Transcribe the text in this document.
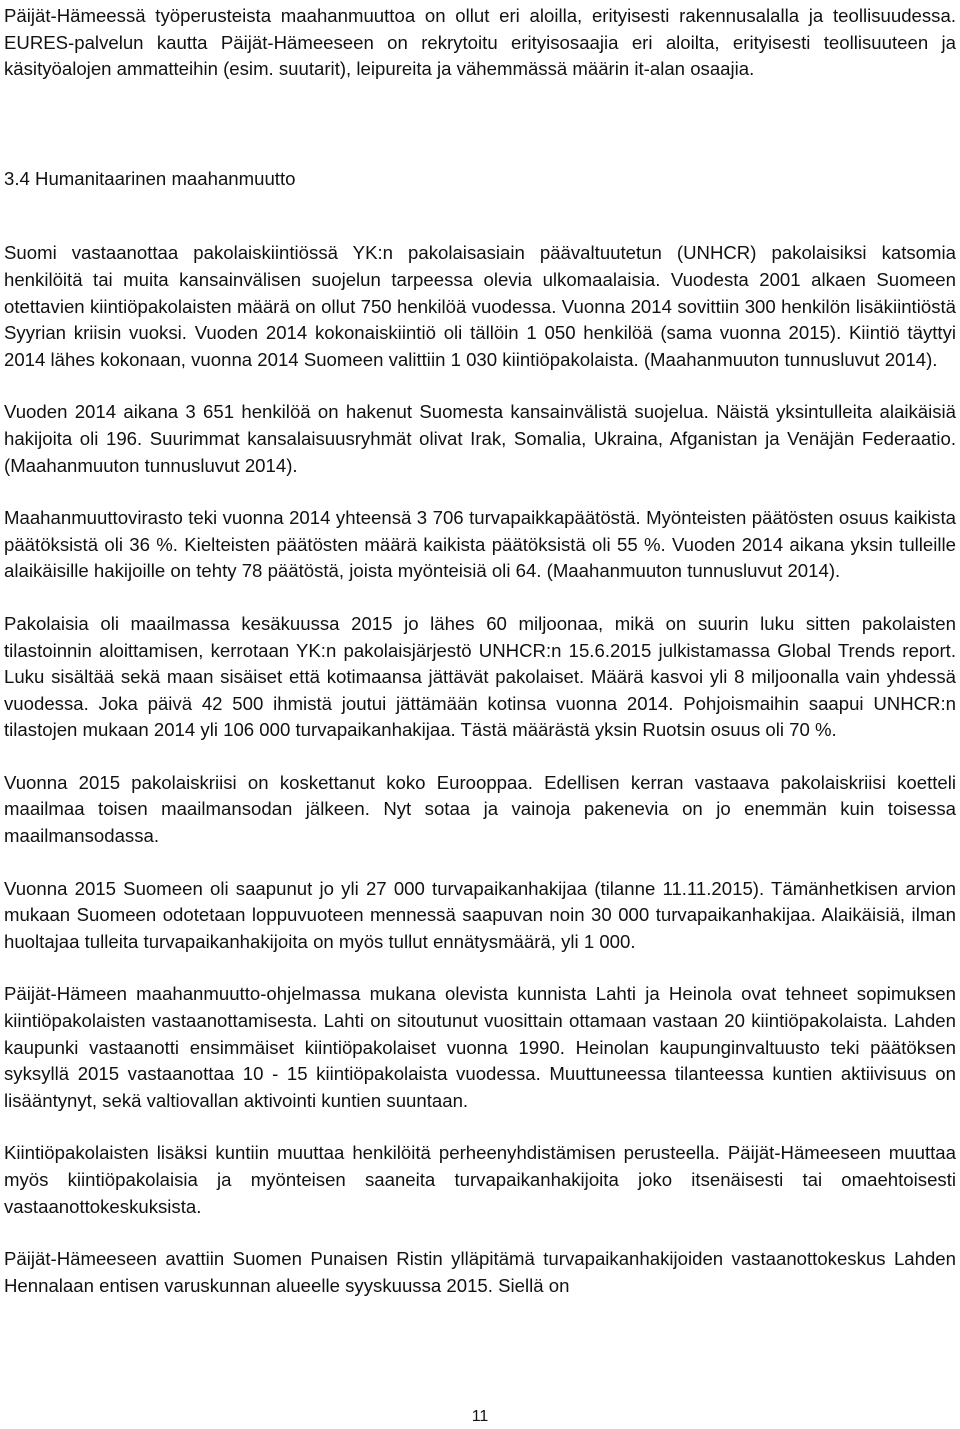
Päijät-Hämeessä työperusteista maahanmuuttoa on ollut eri aloilla, erityisesti rakennusalalla ja teollisuudessa. EURES-palvelun kautta Päijät-Hämeeseen on rekrytoitu erityisosaajia eri aloilta, erityisesti teollisuuteen ja käsityöalojen ammatteihin (esim. suutarit), leipureita ja vähemmässä määrin it-alan osaajia.

3.4 Humanitaarinen maahanmuutto

Suomi vastaanottaa pakolaiskiintiössä YK:n pakolaisasiain päävaltuutetun (UNHCR) pakolaisiksi katsomia henkilöitä tai muita kansainvälisen suojelun tarpeessa olevia ulkomaalaisia. Vuodesta 2001 alkaen Suomeen otettavien kiintiöpakolaisten määrä on ollut 750 henkilöä vuodessa. Vuonna 2014 sovittiin 300 henkilön lisäkiintiöstä Syyrian kriisin vuoksi. Vuoden 2014 kokonaiskiintiö oli tällöin 1 050 henkilöä (sama vuonna 2015). Kiintiö täyttyi 2014 lähes kokonaan, vuonna 2014 Suomeen valittiin 1 030 kiintiöpakolaista. (Maahanmuuton tunnusluvut 2014).

Vuoden 2014 aikana 3 651 henkilöä on hakenut Suomesta kansainvälistä suojelua. Näistä yksintulleita alaikäisiä hakijoita oli 196. Suurimmat kansalaisuusryhmät olivat Irak, Somalia, Ukraina, Afganistan ja Venäjän Federaatio. (Maahanmuuton tunnusluvut 2014).

Maahanmuuttovirasto teki vuonna 2014 yhteensä 3 706 turvapaikkapäätöstä. Myönteisten päätösten osuus kaikista päätöksistä oli 36 %. Kielteisten päätösten määrä kaikista päätöksistä oli 55 %. Vuoden 2014 aikana yksin tulleille alaikäisille hakijoille on tehty 78 päätöstä, joista myönteisiä oli 64. (Maahanmuuton tunnusluvut 2014).

Pakolaisia oli maailmassa kesäkuussa 2015 jo lähes 60 miljoonaa, mikä on suurin luku sitten pakolaisten tilastoinnin aloittamisen, kerrotaan YK:n pakolaisjärjestö UNHCR:n 15.6.2015 julkistamassa Global Trends report. Luku sisältää sekä maan sisäiset että kotimaansa jättävät pakolaiset. Määrä kasvoi yli 8 miljoonalla vain yhdessä vuodessa. Joka päivä 42 500 ihmistä joutui jättämään kotinsa vuonna 2014. Pohjoismaihin saapui UNHCR:n tilastojen mukaan 2014 yli 106 000 turvapaikanhakijaa. Tästä määrästä yksin Ruotsin osuus oli 70 %.

Vuonna 2015 pakolaiskriisi on koskettanut koko Eurooppaa. Edellisen kerran vastaava pakolaiskriisi koetteli maailmaa toisen maailmansodan jälkeen. Nyt sotaa ja vainoja pakenevia on jo enemmän kuin toisessa maailmansodassa.

Vuonna 2015 Suomeen oli saapunut jo yli 27 000 turvapaikanhakijaa (tilanne 11.11.2015). Tämänhetkisen arvion mukaan Suomeen odotetaan loppuvuoteen mennessä saapuvan noin 30 000 turvapaikanhakijaa. Alaikäisiä, ilman huoltajaa tulleita turvapaikanhakijoita on myös tullut ennätysmäärä, yli 1 000.

Päijät-Hämeen maahanmuutto-ohjelmassa mukana olevista kunnista Lahti ja Heinola ovat tehneet sopimuksen kiintiöpakolaisten vastaanottamisesta. Lahti on sitoutunut vuosittain ottamaan vastaan 20 kiintiöpakolaista. Lahden kaupunki vastaanotti ensimmäiset kiintiöpakolaiset vuonna 1990. Heinolan kaupunginvaltuusto teki päätöksen syksyllä 2015 vastaanottaa 10 - 15 kiintiöpakolaista vuodessa. Muuttuneessa tilanteessa kuntien aktiivisuus on lisääntynyt, sekä valtiovallan aktivointi kuntien suuntaan.

Kiintiöpakolaisten lisäksi kuntiin muuttaa henkilöitä perheenyhdistämisen perusteella. Päijät-Hämeeseen muuttaa myös kiintiöpakolaisia ja myönteisen saaneita turvapaikanhakijoita joko itsenäisesti tai omaehtoisesti vastaanottokeskuksista.

Päijät-Hämeeseen avattiin Suomen Punaisen Ristin ylläpitämä turvapaikanhakijoiden vastaanottokeskus Lahden Hennalaan entisen varuskunnan alueelle syyskuussa 2015. Siellä on

11
